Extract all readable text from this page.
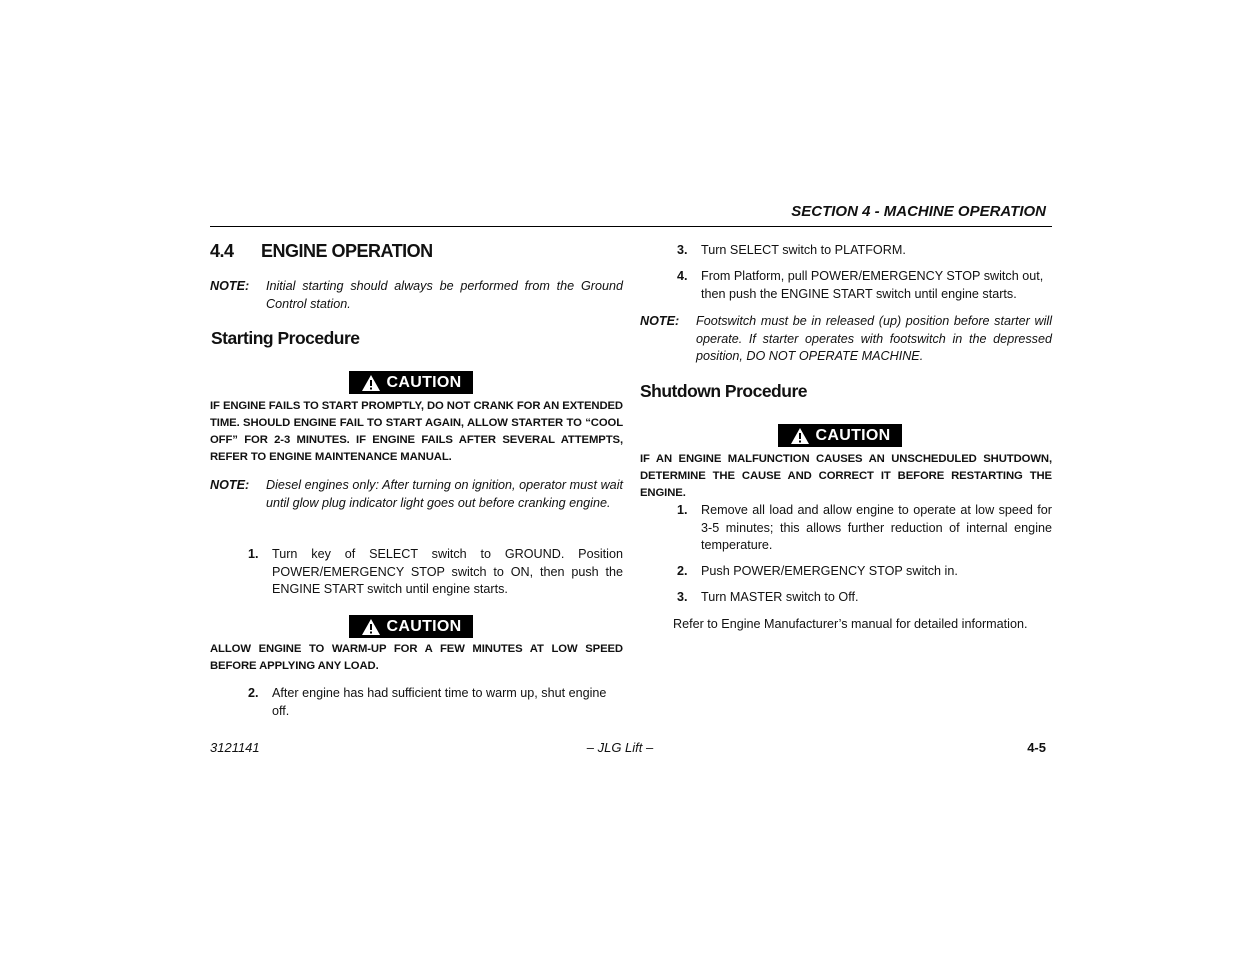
SECTION 4 - MACHINE OPERATION
4.4 ENGINE OPERATION
NOTE: Initial starting should always be performed from the Ground Control station.
Starting Procedure
CAUTION
IF ENGINE FAILS TO START PROMPTLY, DO NOT CRANK FOR AN EXTENDED TIME. SHOULD ENGINE FAIL TO START AGAIN, ALLOW STARTER TO “COOL OFF” FOR 2-3 MINUTES. IF ENGINE FAILS AFTER SEVERAL ATTEMPTS, REFER TO ENGINE MAINTENANCE MANUAL.
NOTE: Diesel engines only: After turning on ignition, operator must wait until glow plug indicator light goes out before cranking engine.
1. Turn key of SELECT switch to GROUND. Position POWER/EMERGENCY STOP switch to ON, then push the ENGINE START switch until engine starts.
CAUTION
ALLOW ENGINE TO WARM-UP FOR A FEW MINUTES AT LOW SPEED BEFORE APPLYING ANY LOAD.
2. After engine has had sufficient time to warm up, shut engine off.
3. Turn SELECT switch to PLATFORM.
4. From Platform, pull POWER/EMERGENCY STOP switch out, then push the ENGINE START switch until engine starts.
NOTE: Footswitch must be in released (up) position before starter will operate. If starter operates with footswitch in the depressed position, DO NOT OPERATE MACHINE.
Shutdown Procedure
CAUTION
IF AN ENGINE MALFUNCTION CAUSES AN UNSCHEDULED SHUTDOWN, DETERMINE THE CAUSE AND CORRECT IT BEFORE RESTARTING THE ENGINE.
1. Remove all load and allow engine to operate at low speed for 3-5 minutes; this allows further reduction of internal engine temperature.
2. Push POWER/EMERGENCY STOP switch in.
3. Turn MASTER switch to Off.
Refer to Engine Manufacturer’s manual for detailed information.
3121141	– JLG Lift –	4-5
